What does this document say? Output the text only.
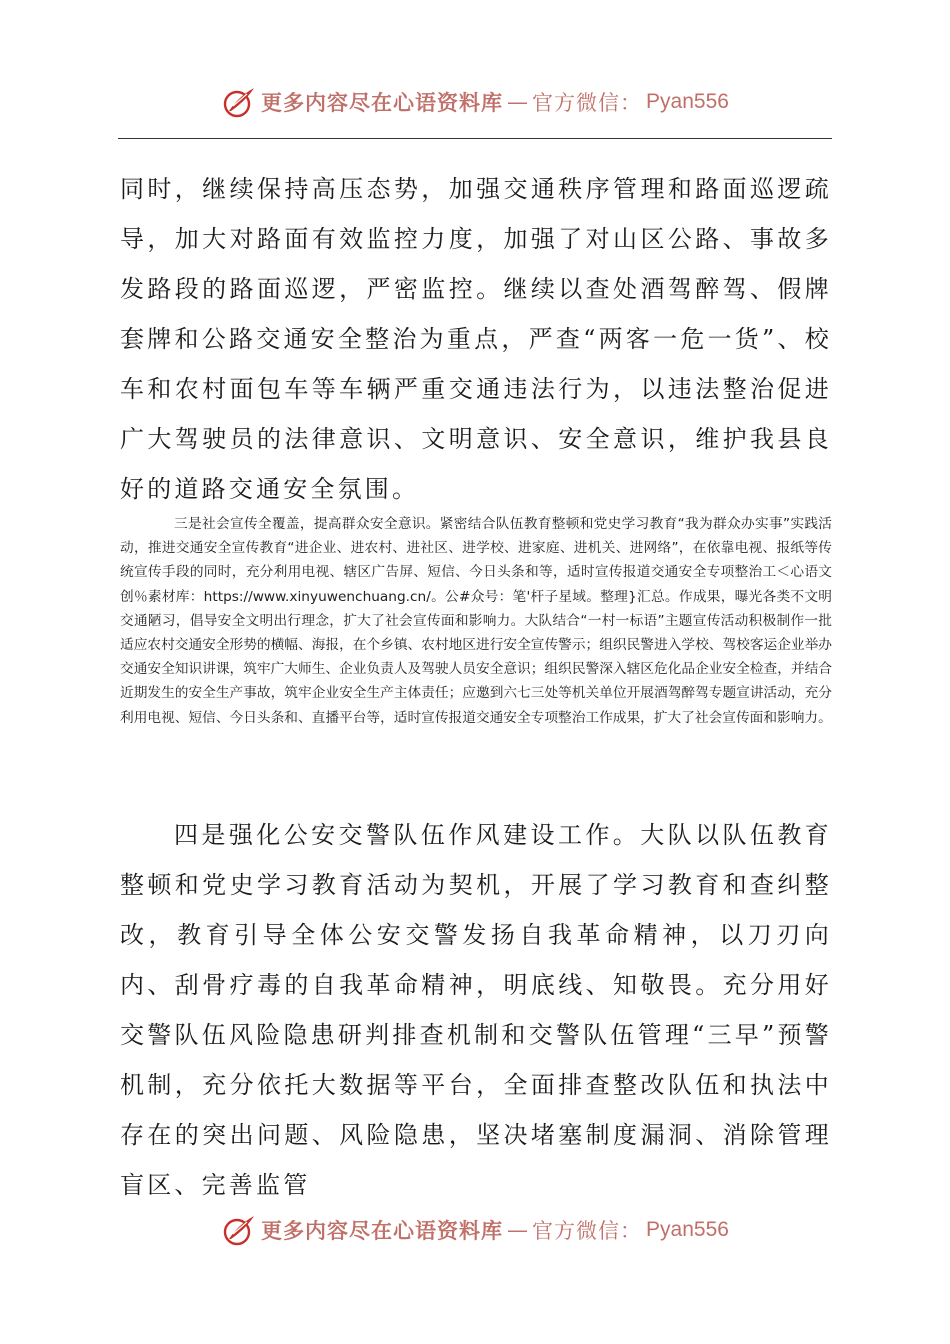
更多内容尽在心语资料库 — 官方微信： Pyan556

同时，继续保持高压态势，加强交通秩序管理和路面巡逻疏导，加大对路面有效监控力度，加强了对山区公路、事故多发路段的路面巡逻，严密监控。继续以查处酒驾醉驾、假牌套牌和公路交通安全整治为重点，严查“两客一危一货”、校车和农村面包车等车辆严重交通违法行为，以违法整治促进广大驾驶员的法律意识、文明意识、安全意识，维护我县良好的道路交通安全氛围。

三是社会宣传全覆盖，提高群众安全意识。紧密结合队伍教育整顿和党史学习教育“我为群众办实事”实践活动，推进交通安全宣传教育“进企业、进农村、进社区、进学校、进家庭、进机关、进网络”，在依靠电视、报纸等传统宣传手段的同时，充分利用电视、辖区广告屏、短信、今日头条和等，适时宣传报道交通安全专项整治工＜心语文创％素材库：https://www.xinyuwenchuang.cn/。公#众号：笔'杆子星域。整理}汇总。作成果，曝光各类不文明交通陋习，倡导安全文明出行理念，扩大了社会宣传面和影响力。大队结合“一村一标语”主题宣传活动积极制作一批适应农村交通安全形势的横幅、海报，在个乡镇、农村地区进行安全宣传警示；组织民警进入学校、驾校客运企业举办交通安全知识讲课，筑牢广大师生、企业负责人及驾驶人员安全意识；组织民警深入辖区危化品企业安全检查，并结合近期发生的安全生产事故，筑牢企业安全生产主体责任；应邀到六七三处等机关单位开展酒驾醉驾专题宣讲活动，充分利用电视、短信、今日头条和、直播平台等，适时宣传报道交通安全专项整治工作成果，扩大了社会宣传面和影响力。

四是强化公安交警队伍作风建设工作。大队以队伍教育整顿和党史学习教育活动为契机，开展了学习教育和查纠整改，教育引导全体公安交警发扬自我革命精神，以刀刃向内、刮骨疗毒的自我革命精神，明底线、知敬畏。充分用好交警队伍风险隐患研判排查机制和交警队伍管理“三早”预警机制，充分依托大数据等平台，全面排查整改队伍和执法中存在的突出问题、风险隐患，坚决堵塞制度漏洞、消除管理盲区、完善监管

更多内容尽在心语资料库 — 官方微信： Pyan556
